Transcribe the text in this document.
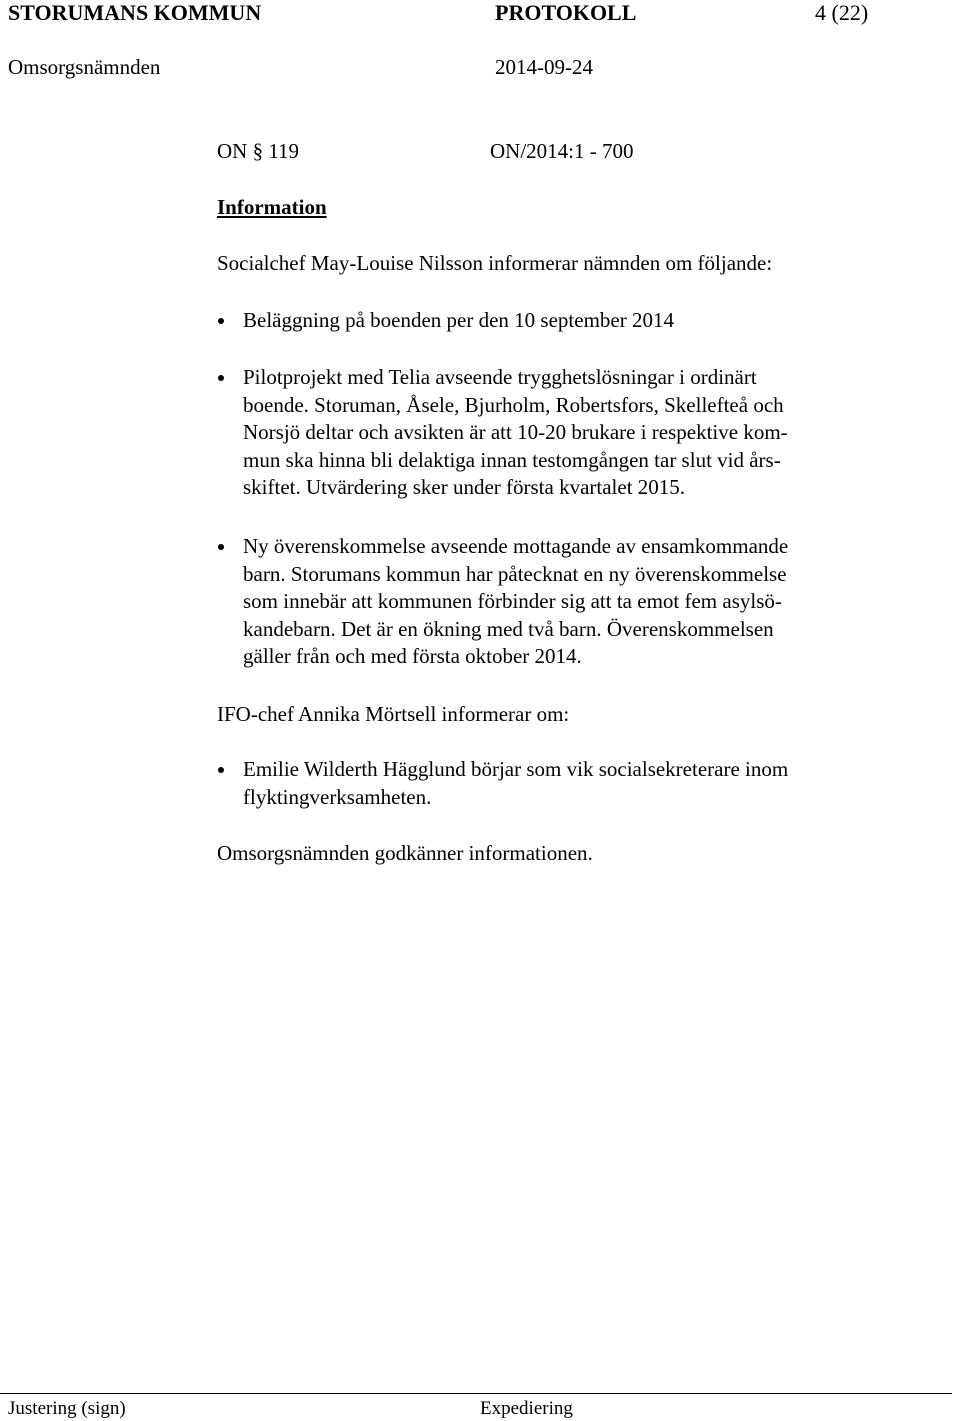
STORUMANS KOMMUN	PROTOKOLL	4 (22)
Omsorgsnämnden	2014-09-24
ON § 119	ON/2014:1 - 700
Information
Socialchef May-Louise Nilsson informerar nämnden om följande:
Beläggning på boenden per den 10 september 2014
Pilotprojekt med Telia avseende trygghetslösningar i ordinärt
boende. Storuman, Åsele, Bjurholm, Robertsfors, Skellefteå och
Norsjö deltar och avsikten är att 10-20 brukare i respektive kom-
mun ska hinna bli delaktiga innan testomgången tar slut vid års-
skiftet. Utvärdering sker under första kvartalet 2015.
Ny överenskommelse avseende mottagande av ensamkommande
barn. Storumans kommun har påtecknat en ny överenskommelse
som innebär att kommunen förbinder sig att ta emot fem asylsö-
kandebarn. Det är en ökning med två barn. Överenskommelsen
gäller från och med första oktober 2014.
IFO-chef Annika Mörtsell informerar om:
Emilie Wilderth Hägglund börjar som vik socialsekreterare inom
flyktingverksamheten.
Omsorgsnämnden godkänner informationen.
Justering (sign)	Expediering
